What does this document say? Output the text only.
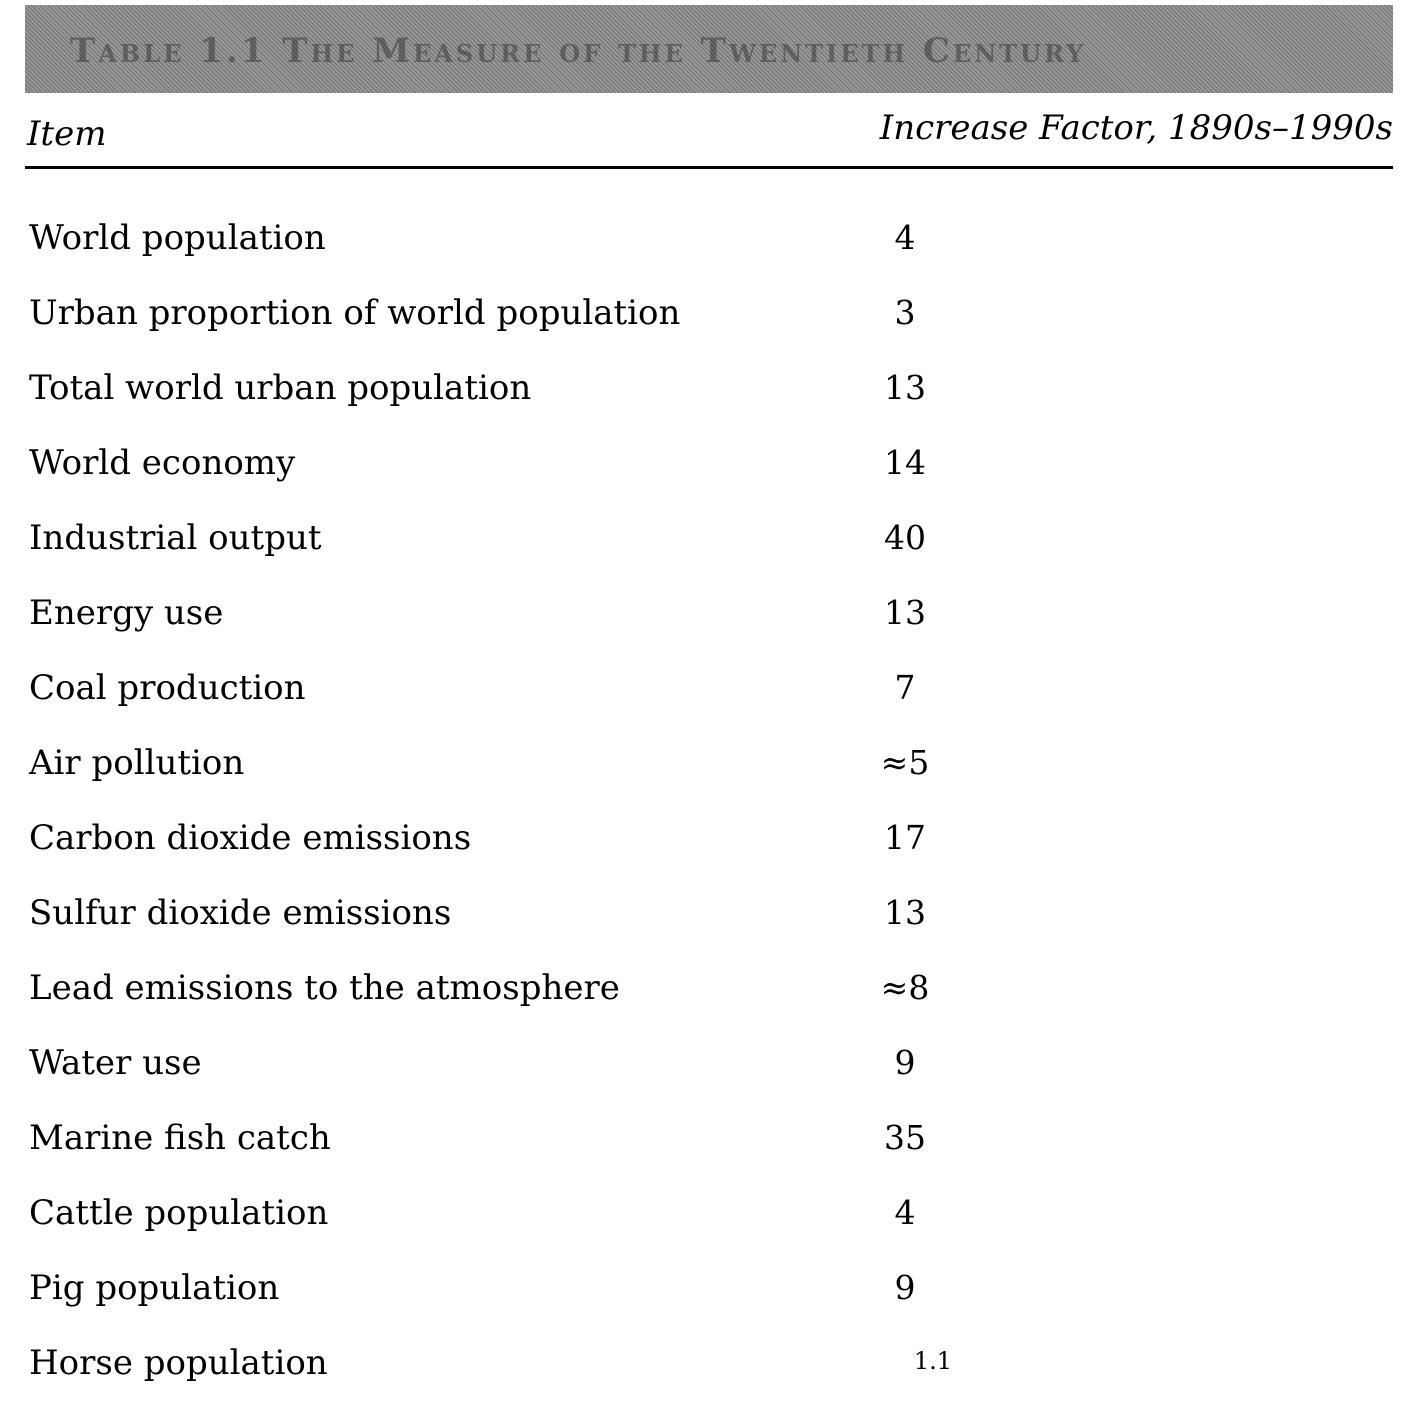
Table 1.1 The Measure of the Twentieth Century
Item	Increase Factor, 1890s–1990s
World population	4
Urban proportion of world population	3
Total world urban population	13
World economy	14
Industrial output	40
Energy use	13
Coal production	7
Air pollution	≈5
Carbon dioxide emissions	17
Sulfur dioxide emissions	13
Lead emissions to the atmosphere	≈8
Water use	9
Marine fish catch	35
Cattle population	4
Pig population	9
Horse population	1.1
